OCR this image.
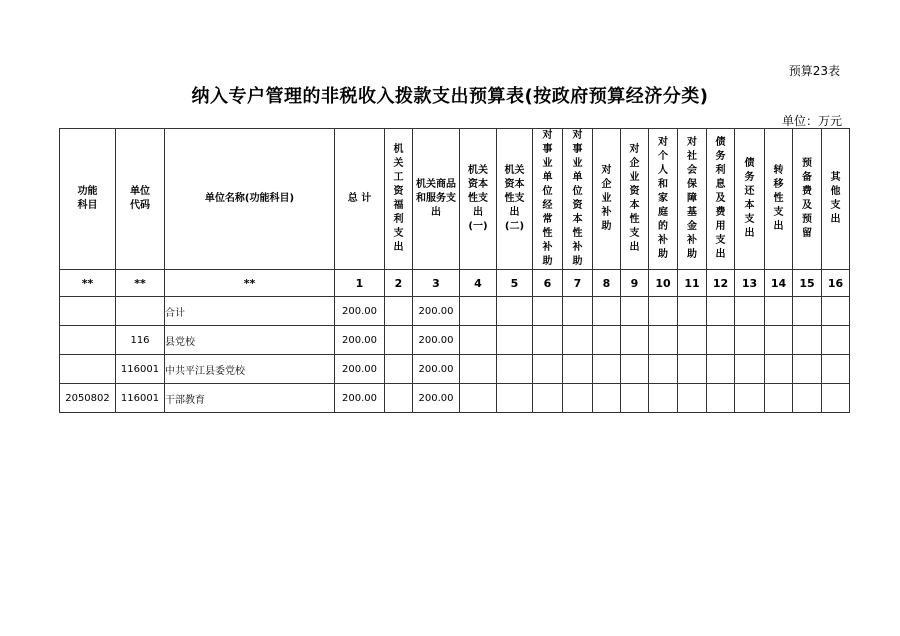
预算23表
纳入专户管理的非税收入拨款支出预算表(按政府预算经济分类)
单位：万元
功能科目	单位代码	单位名称(功能科目)	总 计	机关工资福利支出	机关商品和服务支出	机关资本性支出(一)	机关资本性支出(二)	对事业单位经常性补助	对事业单位资本性补助	对企业补助	对企业资本性支出	对个人和家庭的补助	对社会保障基金补助	债务利息及费用支出	债务还本支出	转移性支出	预备费及预留	其他支出
**	**	**	1	2	3	4	5	6	7	8	9	10	11	12	13	14	15	16
		合计	200.00		200.00													
	116	县党校	200.00		200.00													
	116001	中共平江县委党校	200.00		200.00													
2050802	116001	干部教育	200.00		200.00													
